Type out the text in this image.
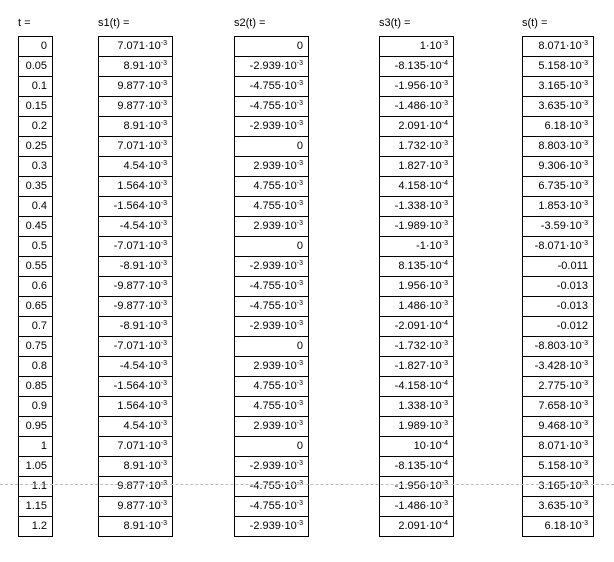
t =
0
0.05
0.1
0.15
0.2
0.25
0.3
0.35
0.4
0.45
0.5
0.55
0.6
0.65
0.7
0.75
0.8
0.85
0.9
0.95
1
1.05
1.1
1.15
1.2
s1(t) =
$7.071\cdot 10^{-3}$
$8.91\cdot 10^{-3}$
$9.877\cdot 10^{-3}$
$9.877\cdot 10^{-3}$
$8.91\cdot 10^{-3}$
$7.071\cdot 10^{-3}$
$4.54\cdot 10^{-3}$
$1.564\cdot 10^{-3}$
$-1.564\cdot 10^{-3}$
$-4.54\cdot 10^{-3}$
$-7.071\cdot 10^{-3}$
$-8.91\cdot 10^{-3}$
$-9.877\cdot 10^{-3}$
$-9.877\cdot 10^{-3}$
$-8.91\cdot 10^{-3}$
$-7.071\cdot 10^{-3}$
$-4.54\cdot 10^{-3}$
$-1.564\cdot 10^{-3}$
$1.564\cdot 10^{-3}$
$4.54\cdot 10^{-3}$
$7.071\cdot 10^{-3}$
$8.91\cdot 10^{-3}$
$9.877\cdot 10^{-3}$
$9.877\cdot 10^{-3}$
$8.91\cdot 10^{-3}$
s2(t) =
0
$-2.939\cdot 10^{-3}$
$-4.755\cdot 10^{-3}$
$-4.755\cdot 10^{-3}$
$-2.939\cdot 10^{-3}$
0
$2.939\cdot 10^{-3}$
$4.755\cdot 10^{-3}$
$4.755\cdot 10^{-3}$
$2.939\cdot 10^{-3}$
0
$-2.939\cdot 10^{-3}$
$-4.755\cdot 10^{-3}$
$-4.755\cdot 10^{-3}$
$-2.939\cdot 10^{-3}$
0
$2.939\cdot 10^{-3}$
$4.755\cdot 10^{-3}$
$4.755\cdot 10^{-3}$
$2.939\cdot 10^{-3}$
0
$-2.939\cdot 10^{-3}$
$-4.755\cdot 10^{-3}$
$-4.755\cdot 10^{-3}$
$-2.939\cdot 10^{-3}$
s3(t) =
$1\cdot 10^{-3}$
$-8.135\cdot 10^{-4}$
$-1.956\cdot 10^{-3}$
$-1.486\cdot 10^{-3}$
$2.091\cdot 10^{-4}$
$1.732\cdot 10^{-3}$
$1.827\cdot 10^{-3}$
$4.158\cdot 10^{-4}$
$-1.338\cdot 10^{-3}$
$-1.989\cdot 10^{-3}$
$-1\cdot 10^{-3}$
$8.135\cdot 10^{-4}$
$1.956\cdot 10^{-3}$
$1.486\cdot 10^{-3}$
$-2.091\cdot 10^{-4}$
$-1.732\cdot 10^{-3}$
$-1.827\cdot 10^{-3}$
$-4.158\cdot 10^{-4}$
$1.338\cdot 10^{-3}$
$1.989\cdot 10^{-3}$
$10\cdot 10^{-4}$
$-8.135\cdot 10^{-4}$
$-1.956\cdot 10^{-3}$
$-1.486\cdot 10^{-3}$
$2.091\cdot 10^{-4}$
s(t) =
$8.071\cdot 10^{-3}$
$5.158\cdot 10^{-3}$
$3.165\cdot 10^{-3}$
$3.635\cdot 10^{-3}$
$6.18\cdot 10^{-3}$
$8.803\cdot 10^{-3}$
$9.306\cdot 10^{-3}$
$6.735\cdot 10^{-3}$
$1.853\cdot 10^{-3}$
$-3.59\cdot 10^{-3}$
$-8.071\cdot 10^{-3}$
-0.011
-0.013
-0.013
-0.012
$-8.803\cdot 10^{-3}$
$-3.428\cdot 10^{-3}$
$2.775\cdot 10^{-3}$
$7.658\cdot 10^{-3}$
$9.468\cdot 10^{-3}$
$8.071\cdot 10^{-3}$
$5.158\cdot 10^{-3}$
$3.165\cdot 10^{-3}$
$3.635\cdot 10^{-3}$
$6.18\cdot 10^{-3}$
